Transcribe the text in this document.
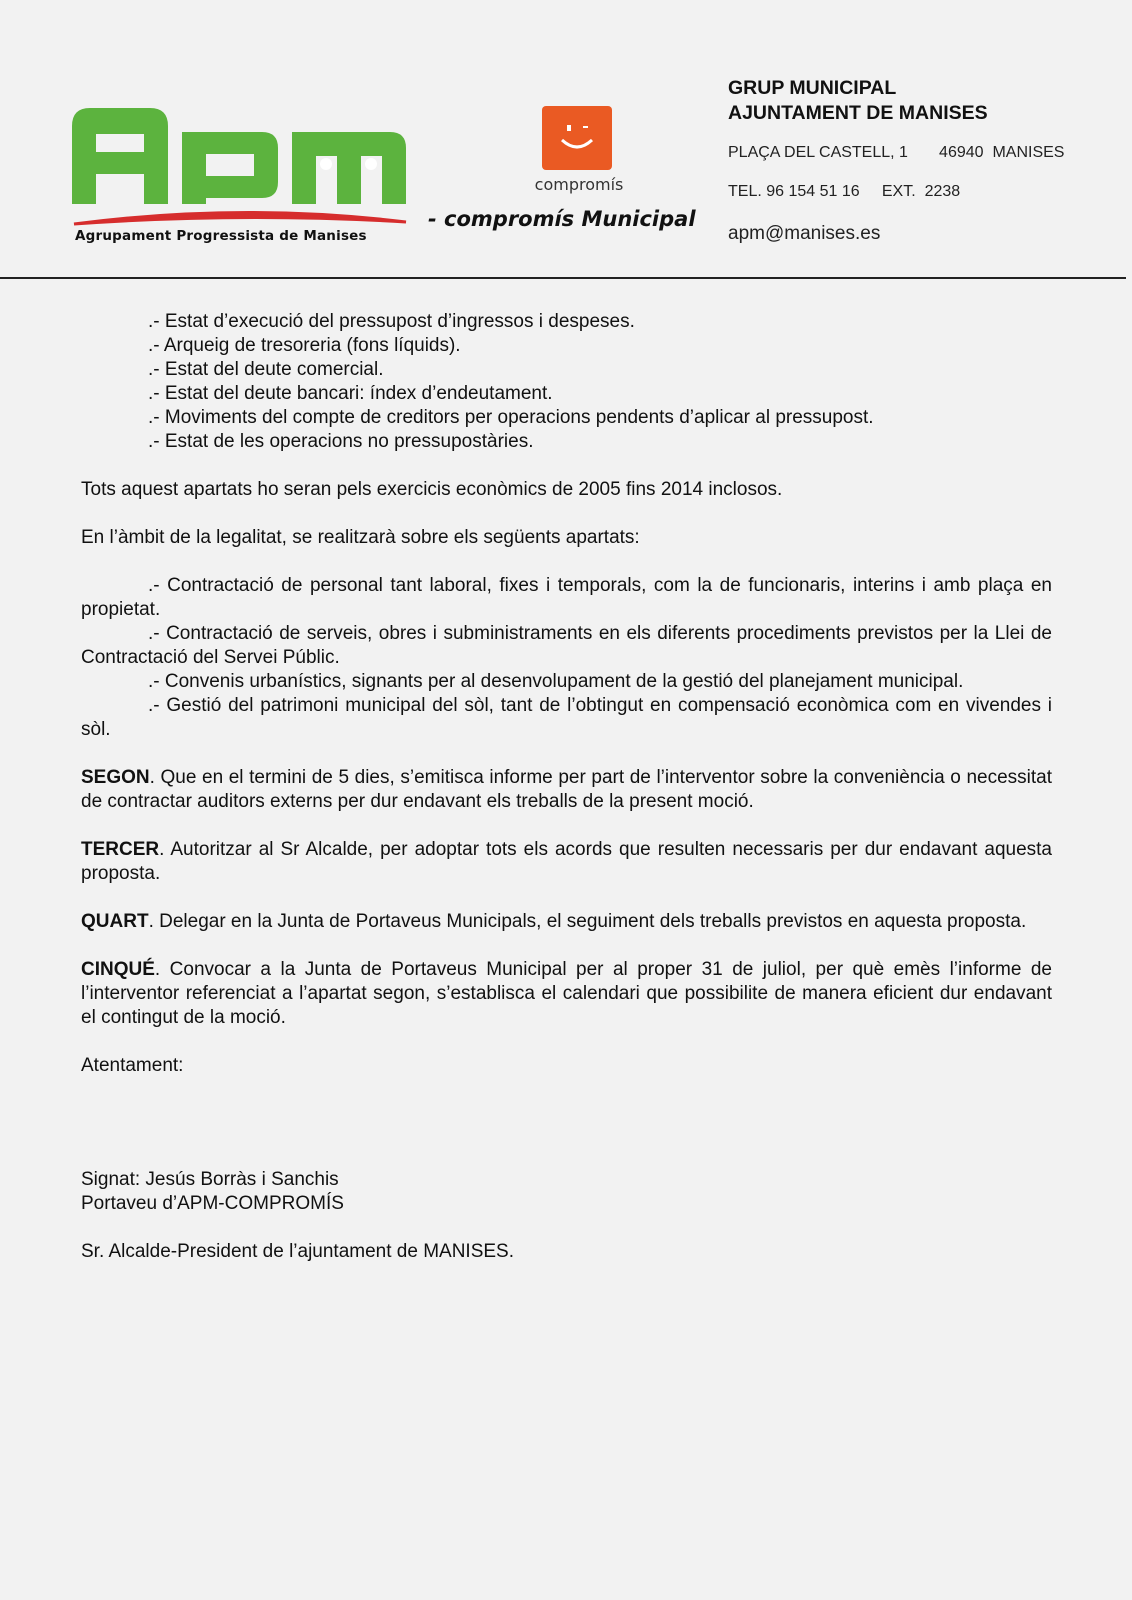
Agrupament Progressista de Manises
compromís
- compromís Municipal
GRUP MUNICIPAL
AJUNTAMENT DE MANISES
PLAÇA DEL CASTELL, 1       46940  MANISES
TEL. 96 154 51 16     EXT.  2238
apm@manises.es
.- Estat d’execució del pressupost d’ingressos i despeses.
.- Arqueig de tresoreria (fons líquids).
.- Estat del deute comercial.
.- Estat del deute bancari: índex d’endeutament.
.- Moviments del compte de creditors per operacions pendents d’aplicar al pressupost.
.- Estat de les operacions no pressupostàries.

Tots aquest apartats ho seran pels exercicis econòmics de 2005 fins 2014 inclosos.

En l’àmbit de la legalitat, se realitzarà sobre els següents apartats:

.- Contractació de personal tant laboral, fixes i temporals, com la de funcionaris, interins i amb plaça en propietat.
.- Contractació de serveis, obres i subministraments en els diferents procediments previstos per la Llei de Contractació del Servei Públic.
.- Convenis urbanístics, signants per al desenvolupament de la gestió del planejament municipal.
.- Gestió del patrimoni municipal del sòl, tant de l’obtingut en compensació econòmica com en vivendes i sòl.

SEGON. Que en el termini de 5 dies, s’emitisca informe per part de l’interventor sobre la conveniència o necessitat de contractar auditors externs per dur endavant els treballs de la present moció.

TERCER. Autoritzar al Sr Alcalde, per adoptar tots els acords que resulten necessaris per dur endavant aquesta proposta.

QUART. Delegar en la Junta de Portaveus Municipals, el seguiment dels treballs previstos en aquesta proposta.

CINQUÉ. Convocar a la Junta de Portaveus Municipal per al proper 31 de juliol, per què emès l’informe de l’interventor referenciat a l’apartat segon, s’establisca el calendari que possibilite de manera eficient dur endavant el contingut de la moció.

Atentament:

Signat: Jesús Borràs i Sanchis

Portaveu d’APM-COMPROMÍS

Sr. Alcalde-President de l’ajuntament de MANISES.
